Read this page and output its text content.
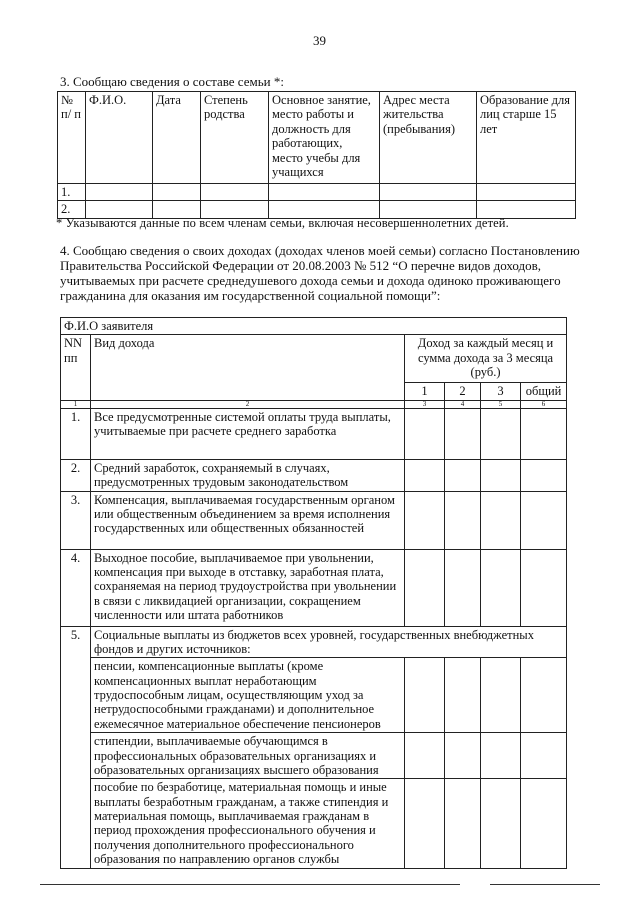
39
3. Сообщаю сведения о составе семьи *:
№ п/ п	Ф.И.О.	Дата	Степень родства	Основное занятие, место работы и должность для работающих, место учебы для учащихся	Адрес места жительства (пребывания)	Образование для лиц старше 15 лет
1.						
2.						
* Указываются данные по всем членам семьи, включая несовершеннолетних детей.
4. Сообщаю сведения о своих доходах (доходах членов моей семьи) согласно Постановлению Правительства Российской Федерации от 20.08.2003 № 512 “О перечне видов доходов, учитываемых при расчете среднедушевого дохода семьи и дохода одиноко проживающего гражданина для оказания им государственной социальной помощи”:
Ф.И.О заявителя					
NN пп	Вид дохода	Доход за каждый месяц и сумма дохода за 3 месяца (руб.)			
		1	2	3	общий
1	2	3	4	5	6
1.	Все предусмотренные системой оплаты труда выплаты, учитываемые при расчете среднего заработка				
2.	Средний заработок, сохраняемый в случаях, предусмотренных трудовым законодательством				
3.	Компенсация, выплачиваемая государственным органом или общественным объединением за время исполнения государственных или общественных обязанностей				
4.	Выходное пособие, выплачиваемое при увольнении, компенсация при выходе в отставку, заработная плата, сохраняемая на период трудоустройства при увольнении в связи с ликвидацией организации, сокращением численности или штата работников				
5.	Социальные выплаты из бюджетов всех уровней, государственных внебюджетных фондов и других источников:				
	пенсии, компенсационные выплаты (кроме компенсационных выплат неработающим трудоспособным лицам, осуществляющим уход за нетрудоспособными гражданами) и дополнительное ежемесячное материальное обеспечение пенсионеров				
	стипендии, выплачиваемые обучающимся в профессиональных образовательных организациях и образовательных организациях высшего образования				
	пособие по безработице, материальная помощь и иные выплаты безработным гражданам, а также стипендия и материальная помощь, выплачиваемая гражданам в период прохождения профессионального обучения и получения дополнительного профессионального образования по направлению органов службы				
